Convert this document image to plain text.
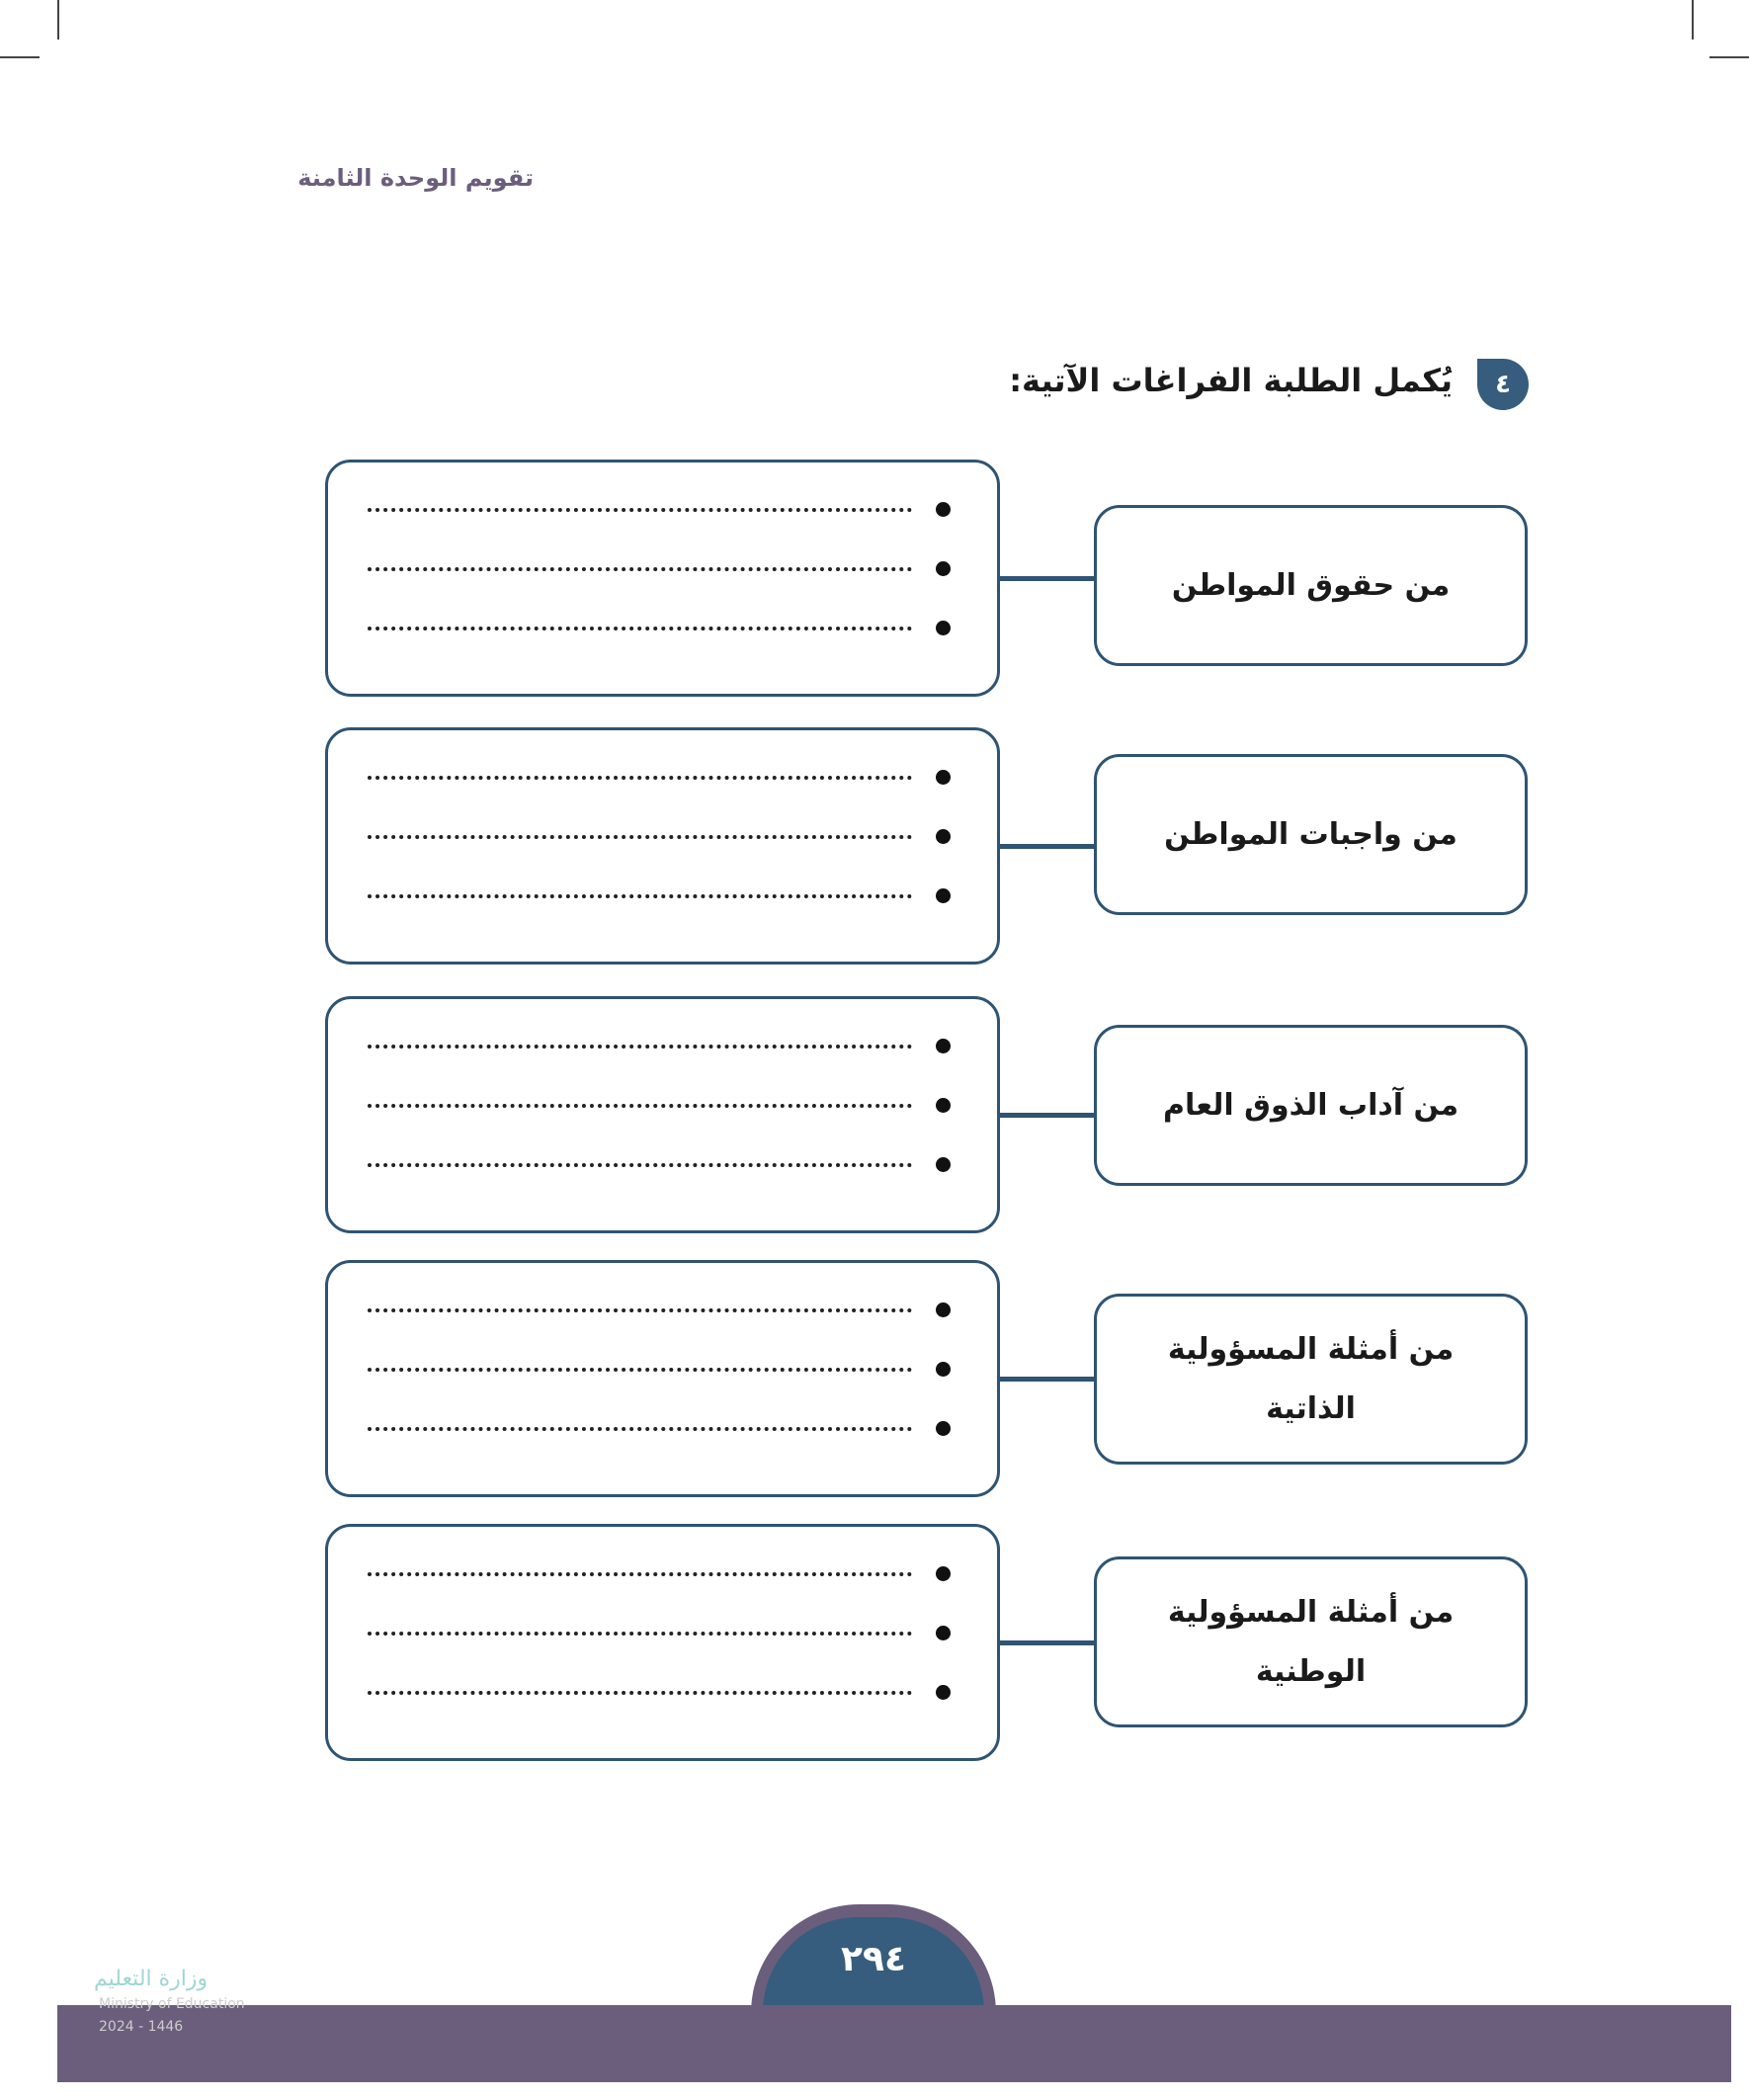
تقويم الوحدة الثامنة
٤
يُكمل الطلبة الفراغات الآتية:
من حقوق المواطن
من واجبات المواطن
من آداب الذوق العام
من أمثلة المسؤولية الذاتية
من أمثلة المسؤولية الوطنية
٢٩٤
وزارة التعليم
Ministry of Education
2024 - 1446
